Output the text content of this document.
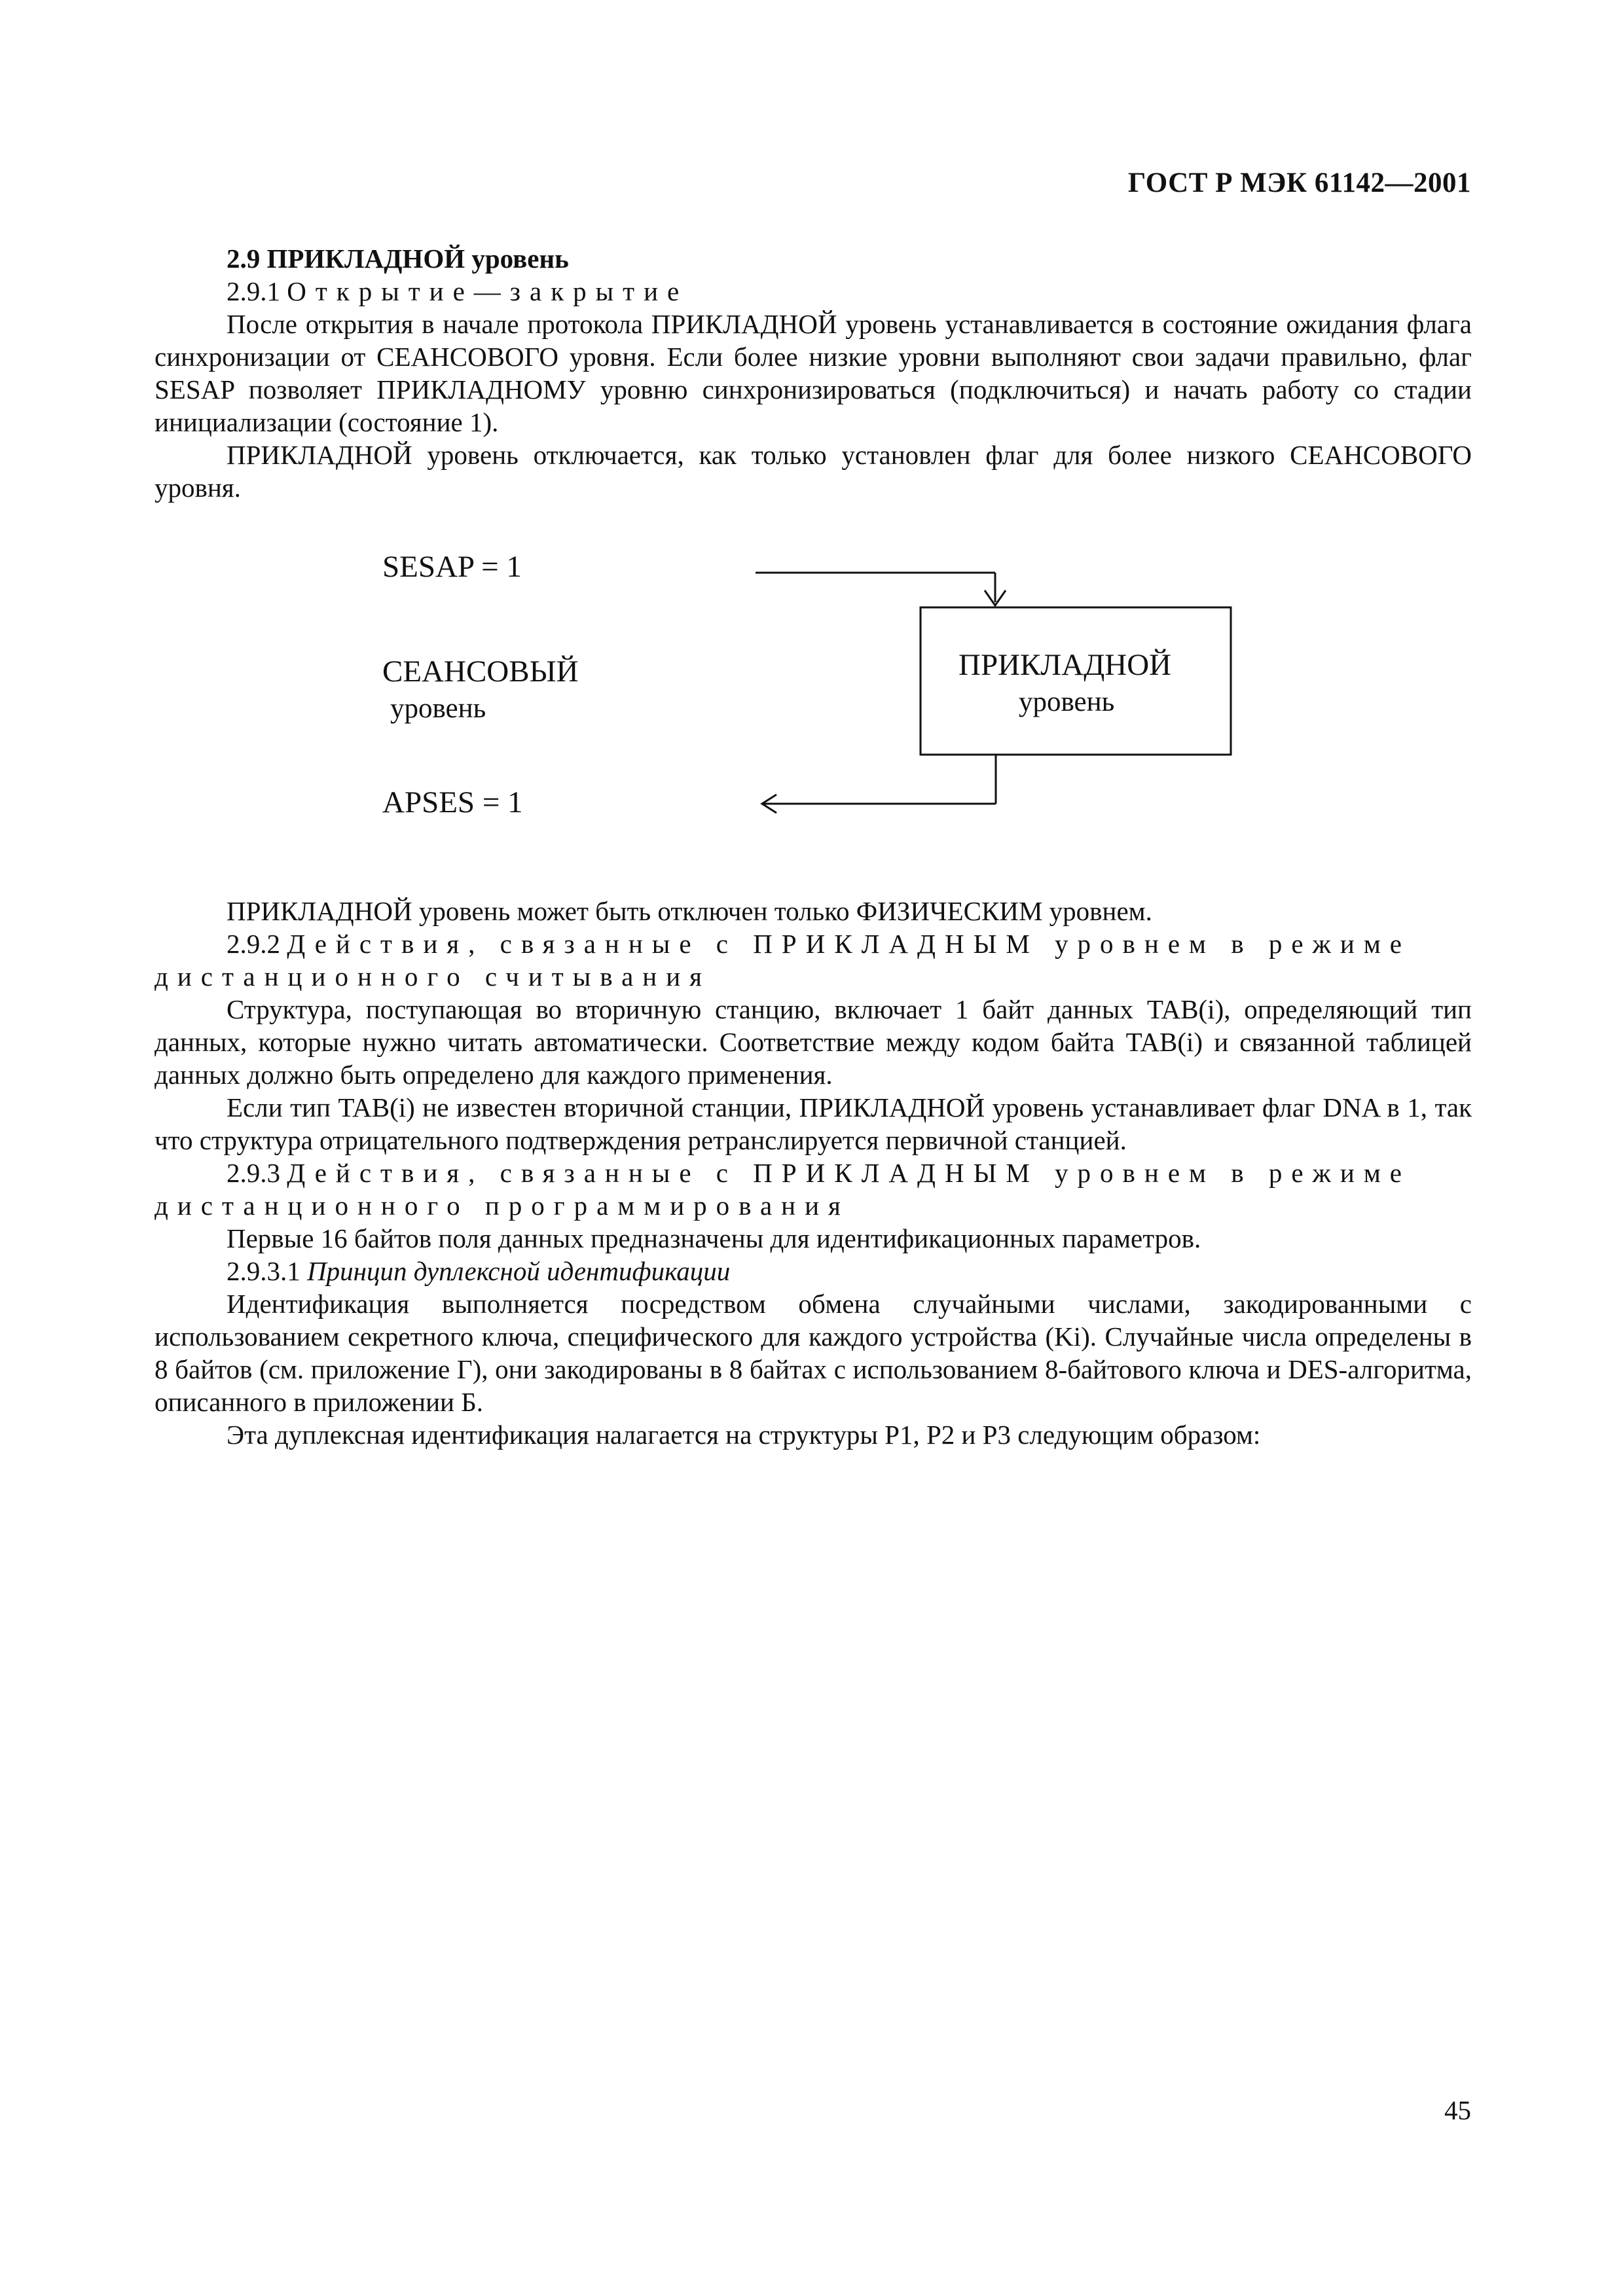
ГОСТ Р МЭК 61142—2001

2.9 ПРИКЛАДНОЙ уровень

2.9.1 Открытие—закрытие

После открытия в начале протокола ПРИКЛАДНОЙ уровень устанавливается в состояние ожидания флага синхронизации от СЕАНСОВОГО уровня. Если более низкие уровни выполняют свои задачи правильно, флаг SESAP позволяет ПРИКЛАДНОМУ уровню синхронизироваться (подключиться) и начать работу со стадии инициализации (состояние 1).

ПРИКЛАДНОЙ уровень отключается, как только установлен флаг для более низкого СЕАНСОВОГО уровня.

SESAP = 1
СЕАНСОВЫЙ
уровень
ПРИКЛАДНОЙ
уровень
APSES = 1

ПРИКЛАДНОЙ уровень может быть отключен только ФИЗИЧЕСКИМ уровнем.

2.9.2 Действия, связанные с ПРИКЛАДНЫМ уровнем в режиме дистанционного считывания

Структура, поступающая во вторичную станцию, включает 1 байт данных TAB(i), определяющий тип данных, которые нужно читать автоматически. Соответствие между кодом байта TAB(i) и связанной таблицей данных должно быть определено для каждого применения.

Если тип TAB(i) не известен вторичной станции, ПРИКЛАДНОЙ уровень устанавливает флаг DNA в 1, так что структура отрицательного подтверждения ретранслируется первичной станцией.

2.9.3 Действия, связанные с ПРИКЛАДНЫМ уровнем в режиме дистанционного программирования

Первые 16 байтов поля данных предназначены для идентификационных параметров.

2.9.3.1 Принцип дуплексной идентификации

Идентификация выполняется посредством обмена случайными числами, закодированными с использованием секретного ключа, специфического для каждого устройства (Ki). Случайные числа определены в 8 байтов (см. приложение Г), они закодированы в 8 байтах с использованием 8-байтового ключа и DES-алгоритма, описанного в приложении Б.

Эта дуплексная идентификация налагается на структуры P1, P2 и P3 следующим образом:

45
